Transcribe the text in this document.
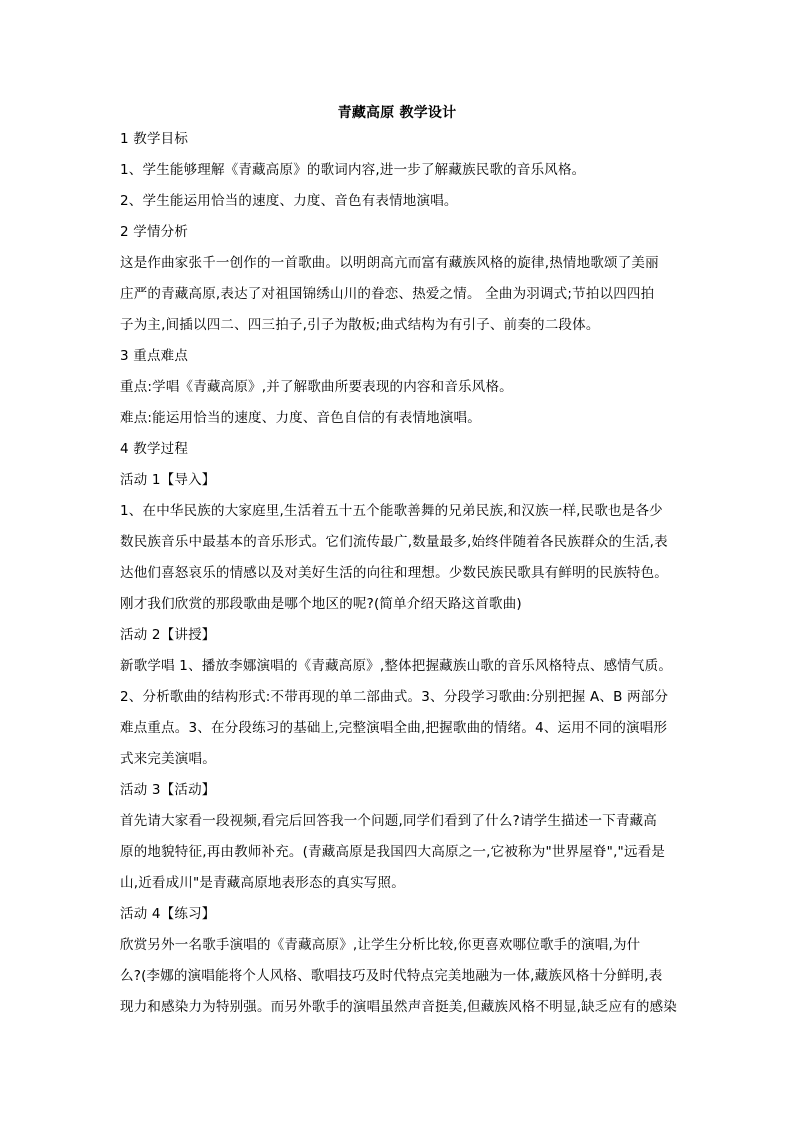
青藏高原 教学设计
1 教学目标
1、学生能够理解《青藏高原》的歌词内容,进一步了解藏族民歌的音乐风格。
2、学生能运用恰当的速度、力度、音色有表情地演唱。
2 学情分析
这是作曲家张千一创作的一首歌曲。以明朗高亢而富有藏族风格的旋律,热情地歌颂了美丽
庄严的青藏高原,表达了对祖国锦绣山川的眷恋、热爱之情。 全曲为羽调式;节拍以四四拍
子为主,间插以四二、四三拍子,引子为散板;曲式结构为有引子、前奏的二段体。
3 重点难点
重点:学唱《青藏高原》,并了解歌曲所要表现的内容和音乐风格。
难点:能运用恰当的速度、力度、音色自信的有表情地演唱。
4 教学过程
活动 1【导入】
1、在中华民族的大家庭里,生活着五十五个能歌善舞的兄弟民族,和汉族一样,民歌也是各少
数民族音乐中最基本的音乐形式。它们流传最广,数量最多,始终伴随着各民族群众的生活,表
达他们喜怒哀乐的情感以及对美好生活的向往和理想。少数民族民歌具有鲜明的民族特色。
刚才我们欣赏的那段歌曲是哪个地区的呢?(简单介绍天路这首歌曲)
活动 2【讲授】
新歌学唱 1、播放李娜演唱的《青藏高原》,整体把握藏族山歌的音乐风格特点、感情气质。
2、分析歌曲的结构形式:不带再现的单二部曲式。3、分段学习歌曲:分别把握 A、B 两部分
难点重点。3、在分段练习的基础上,完整演唱全曲,把握歌曲的情绪。4、运用不同的演唱形
式来完美演唱。
活动 3【活动】
首先请大家看一段视频,看完后回答我一个问题,同学们看到了什么?请学生描述一下青藏高
原的地貌特征,再由教师补充。(青藏高原是我国四大高原之一,它被称为"世界屋脊","远看是
山,近看成川"是青藏高原地表形态的真实写照。
活动 4【练习】
欣赏另外一名歌手演唱的《青藏高原》,让学生分析比较,你更喜欢哪位歌手的演唱,为什
么?(李娜的演唱能将个人风格、歌唱技巧及时代特点完美地融为一体,藏族风格十分鲜明,表
现力和感染力为特别强。而另外歌手的演唱虽然声音挺美,但藏族风格不明显,缺乏应有的感染
